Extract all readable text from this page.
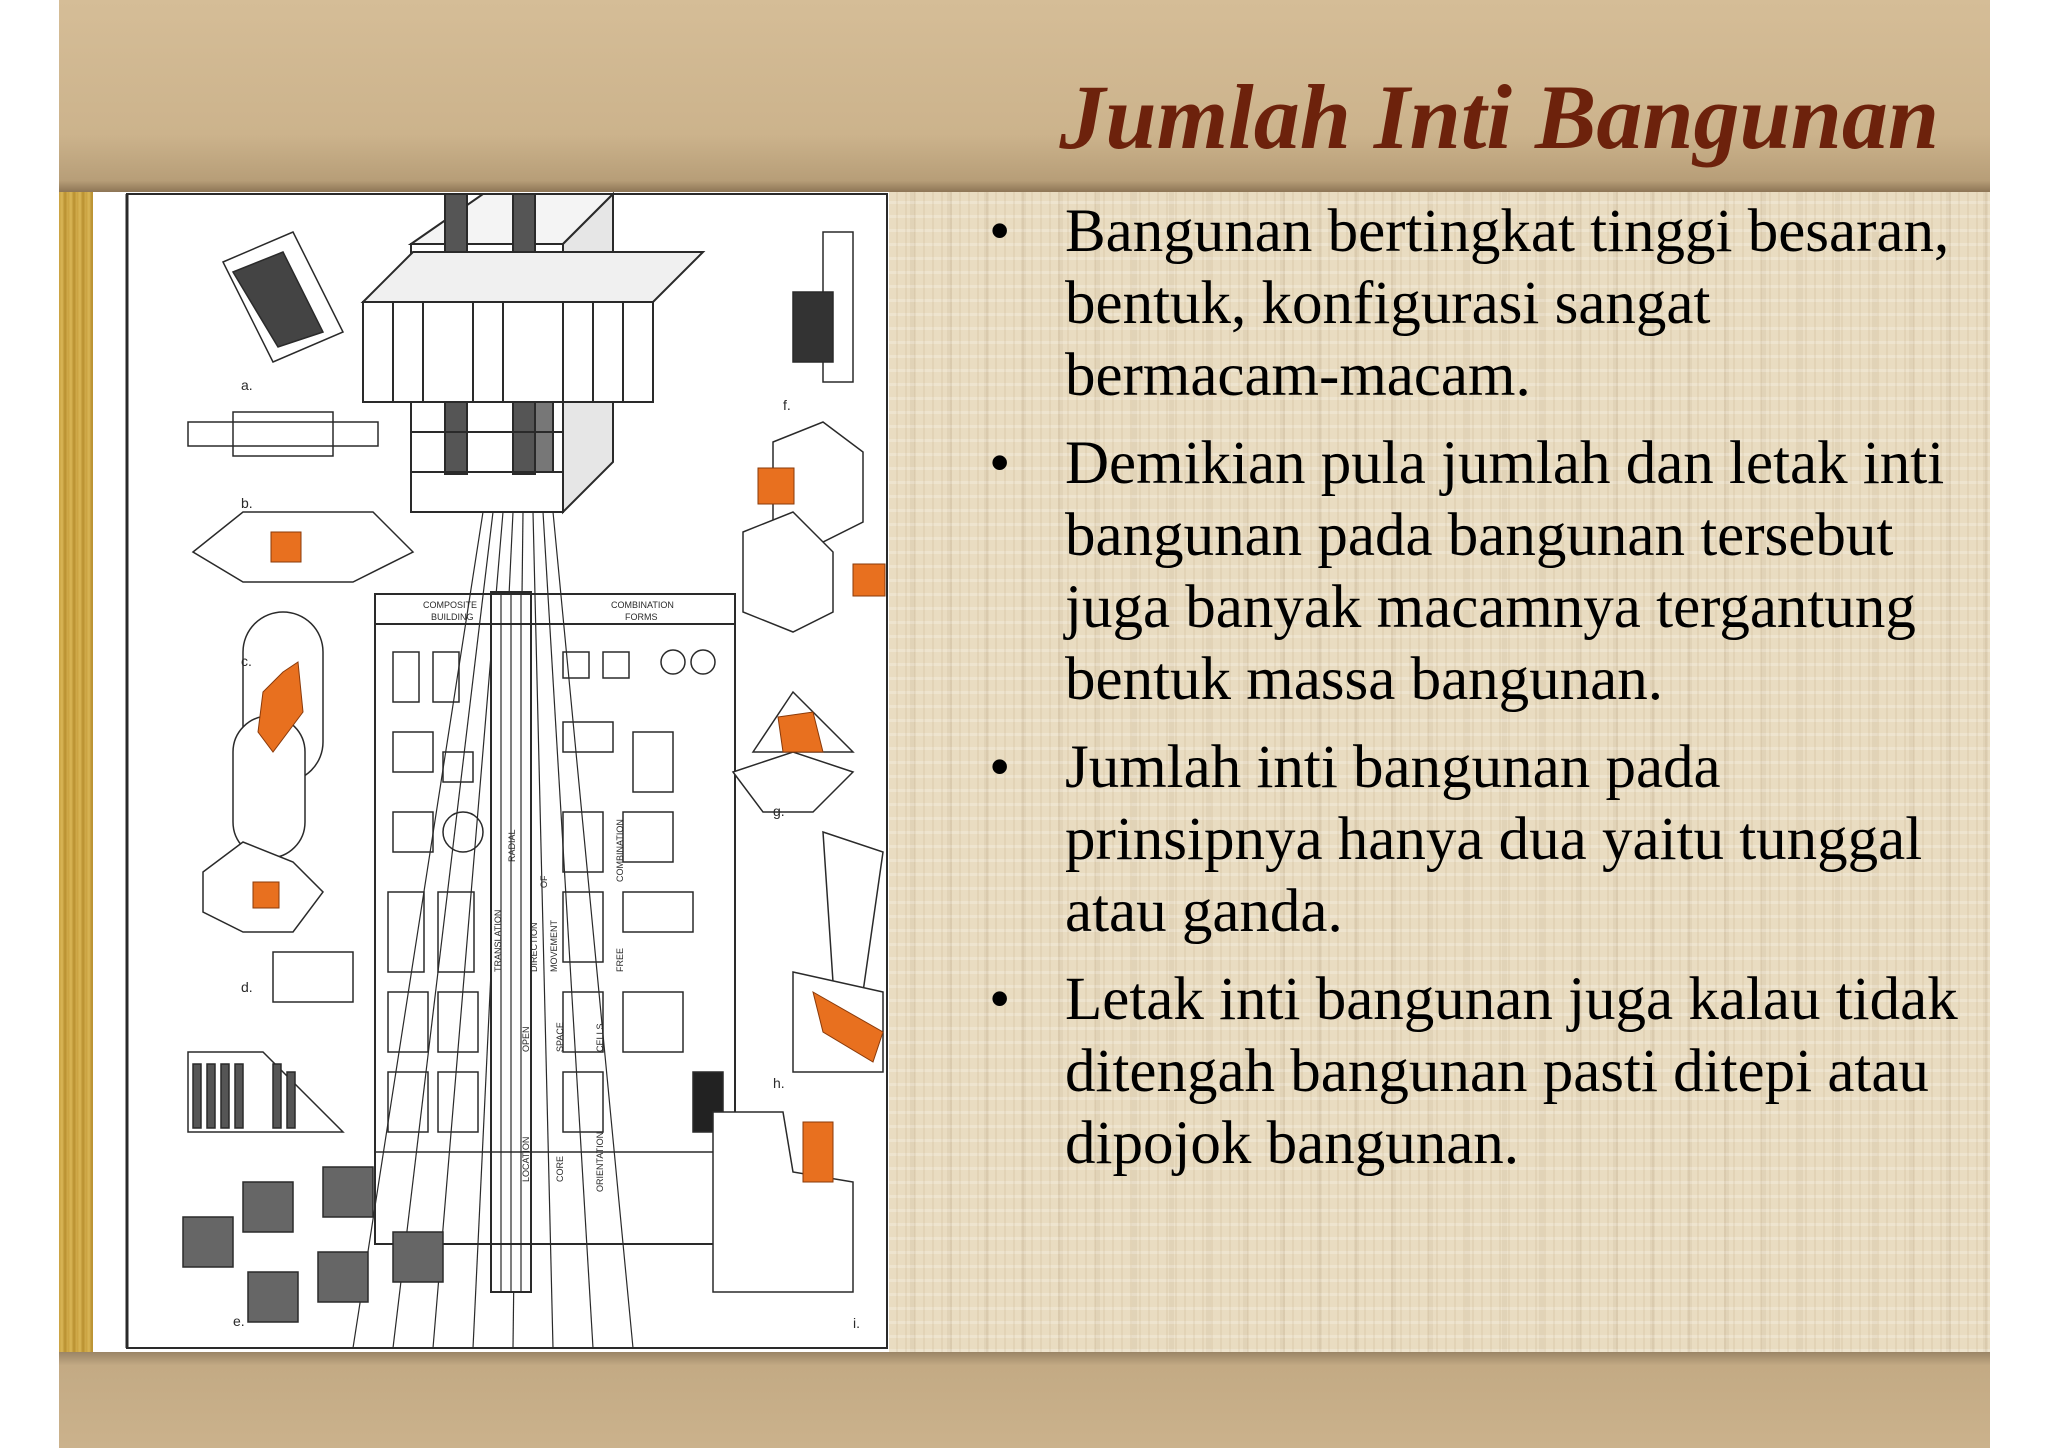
Jumlah Inti Bangunan
a.
b.
c.
d.
e.
f.
g.
h.
i.
COMPOSITE
BUILDING
COMBINATION
FORMS
RADIAL	COMBINATION
TRANSLATION	DIRECTION
OF
MOVEMENT	FREE
OPEN	SPACE	CELLS
LOCATION	CORE	ORIENTATION
• Bangunan bertingkat tinggi besaran, bentuk, konfigurasi sangat bermacam-macam.
• Demikian pula jumlah dan letak inti bangunan pada bangunan tersebut juga banyak macamnya tergantung bentuk massa bangunan.
• Jumlah inti bangunan pada prinsipnya hanya dua yaitu tunggal atau ganda.
• Letak inti bangunan juga kalau tidak ditengah bangunan pasti ditepi atau dipojok bangunan.
